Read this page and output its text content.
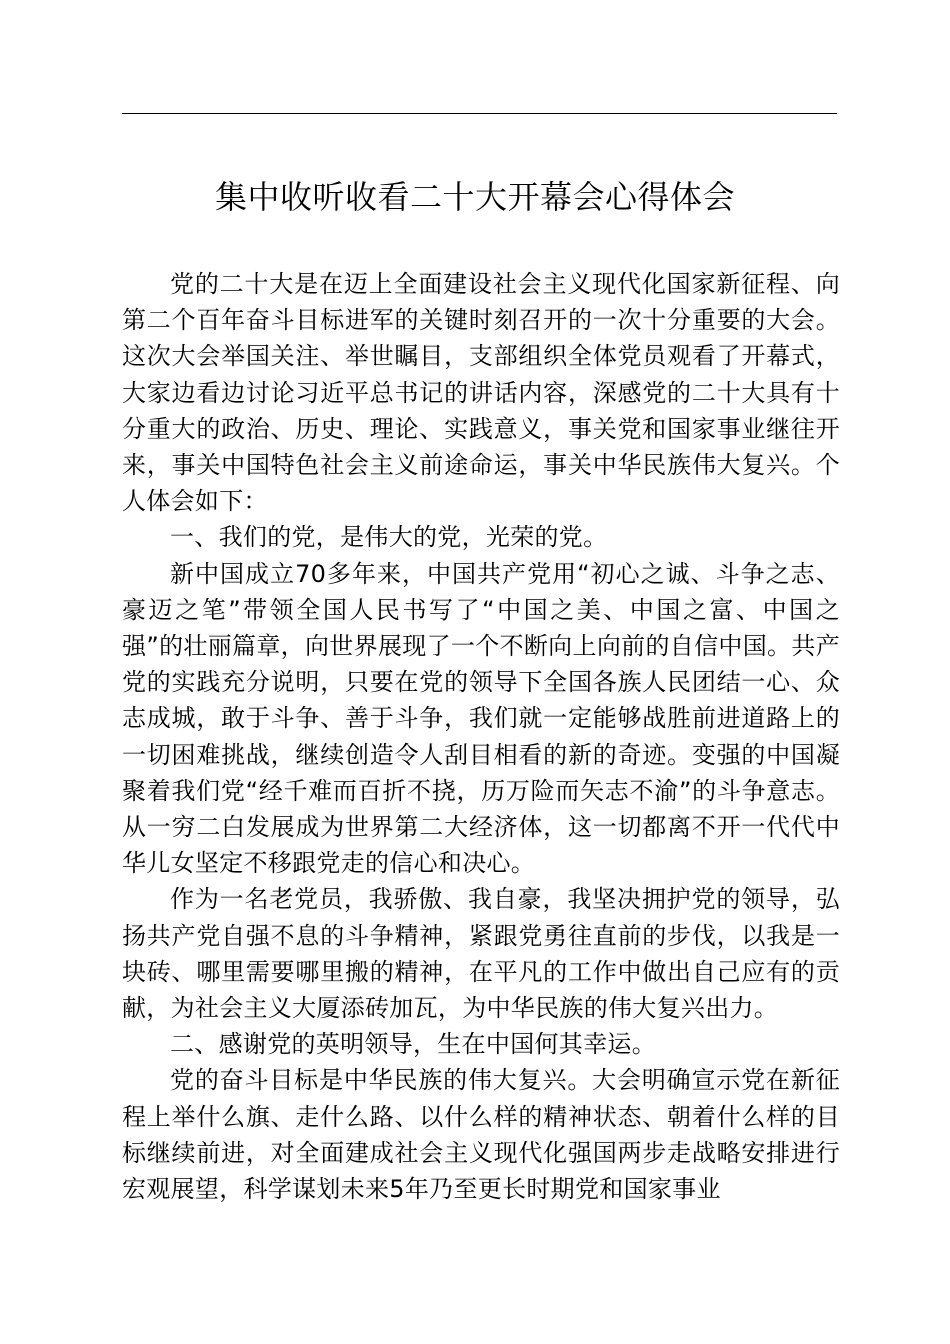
集中收听收看二十大开幕会心得体会

党的二十大是在迈上全面建设社会主义现代化国家新征程、向第二个百年奋斗目标进军的关键时刻召开的一次十分重要的大会。这次大会举国关注、举世瞩目，支部组织全体党员观看了开幕式，大家边看边讨论习近平总书记的讲话内容，深感党的二十大具有十分重大的政治、历史、理论、实践意义，事关党和国家事业继往开来，事关中国特色社会主义前途命运，事关中华民族伟大复兴。个人体会如下：

一、我们的党，是伟大的党，光荣的党。

新中国成立70多年来，中国共产党用“初心之诚、斗争之志、豪迈之笔”带领全国人民书写了“中国之美、中国之富、中国之强”的壮丽篇章，向世界展现了一个不断向上向前的自信中国。共产党的实践充分说明，只要在党的领导下全国各族人民团结一心、众志成城，敢于斗争、善于斗争，我们就一定能够战胜前进道路上的一切困难挑战，继续创造令人刮目相看的新的奇迹。变强的中国凝聚着我们党“经千难而百折不挠，历万险而矢志不渝”的斗争意志。从一穷二白发展成为世界第二大经济体，这一切都离不开一代代中华儿女坚定不移跟党走的信心和决心。

作为一名老党员，我骄傲、我自豪，我坚决拥护党的领导，弘扬共产党自强不息的斗争精神，紧跟党勇往直前的步伐，以我是一块砖、哪里需要哪里搬的精神，在平凡的工作中做出自己应有的贡献，为社会主义大厦添砖加瓦，为中华民族的伟大复兴出力。

二、感谢党的英明领导，生在中国何其幸运。

党的奋斗目标是中华民族的伟大复兴。大会明确宣示党在新征程上举什么旗、走什么路、以什么样的精神状态、朝着什么样的目标继续前进，对全面建成社会主义现代化强国两步走战略安排进行宏观展望，科学谋划未来5年乃至更长时期党和国家事业
